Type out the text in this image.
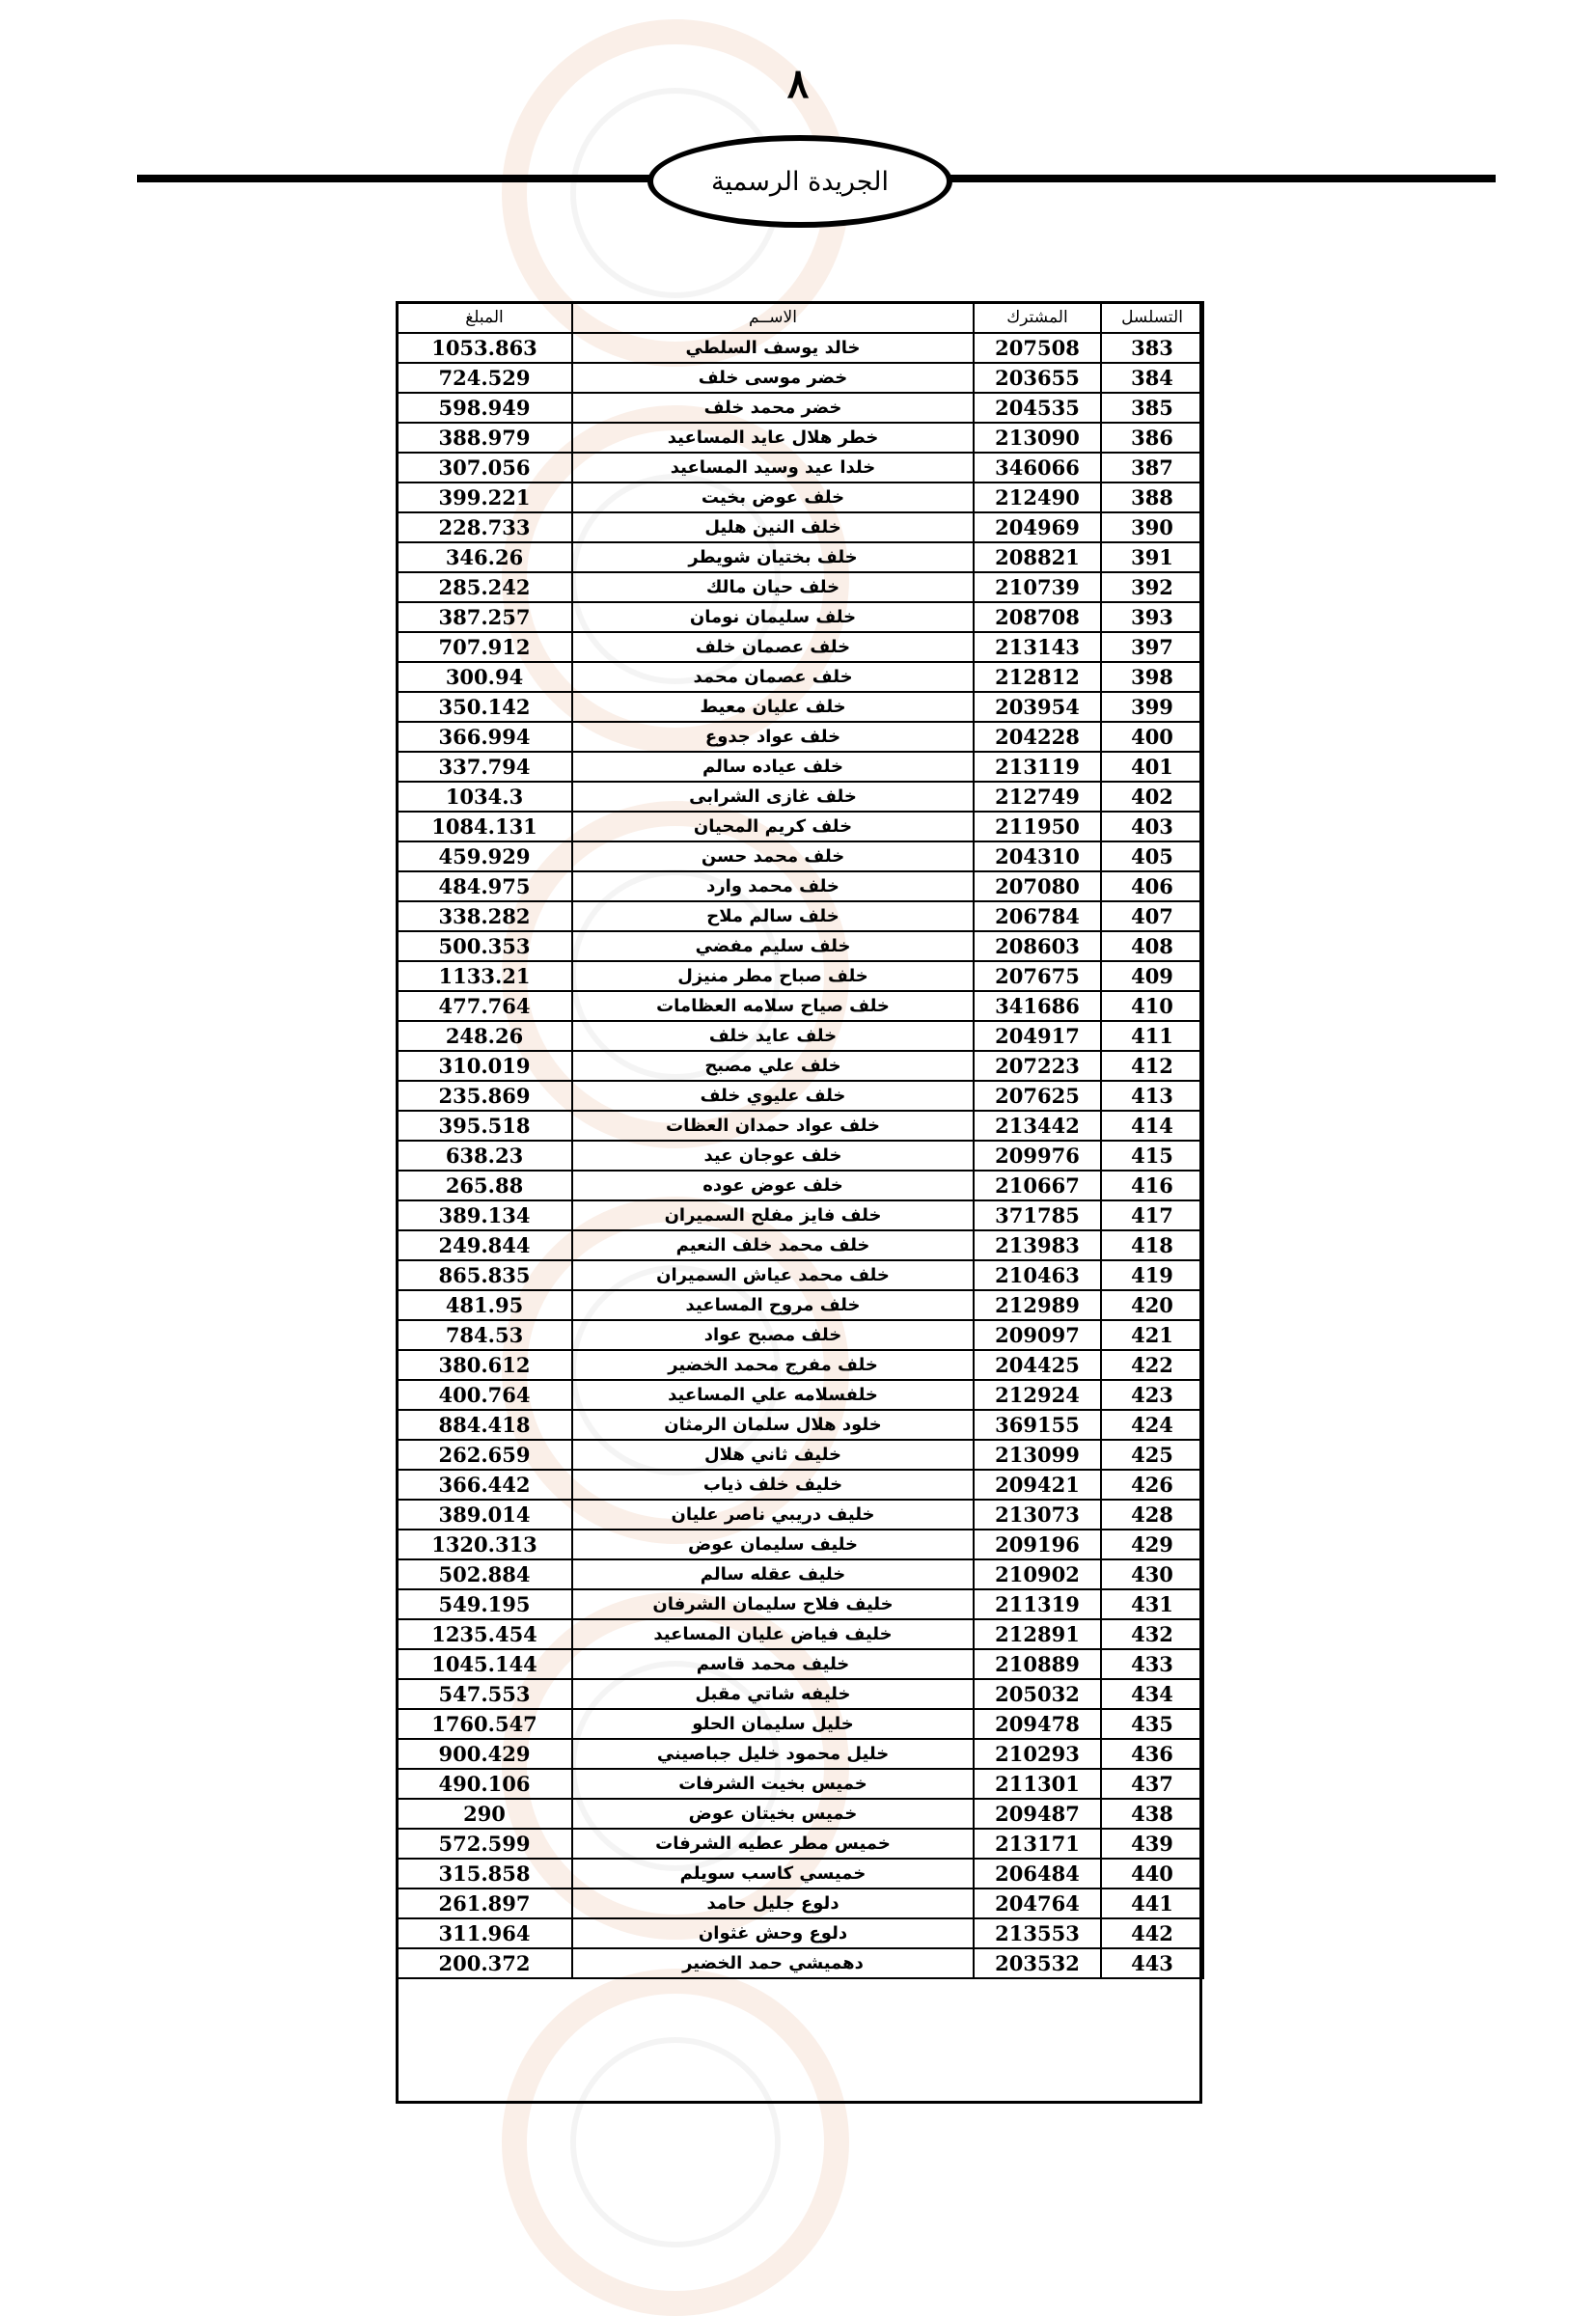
٨
الجريدة الرسمية
التسلسل	المشترك	الاســم	المبلغ
383	207508	خالد يوسف السلطي	1053.863
384	203655	خضر موسى خلف	724.529
385	204535	خضر محمد خلف	598.949
386	213090	خطر هلال عايد المساعيد	388.979
387	346066	خلدا عيد وسيد المساعيد	307.056
388	212490	خلف عوض بخيت	399.221
390	204969	خلف النين هليل	228.733
391	208821	خلف بختيان شويطر	346.26
392	210739	خلف حيان مالك	285.242
393	208708	خلف سليمان نومان	387.257
397	213143	خلف عصمان خلف	707.912
398	212812	خلف عصمان محمد	300.94
399	203954	خلف عليان معيط	350.142
400	204228	خلف عواد جدوع	366.994
401	213119	خلف عياده سالم	337.794
402	212749	خلف غازى الشرابى	1034.3
403	211950	خلف كريم المحيان	1084.131
405	204310	خلف محمد حسن	459.929
406	207080	خلف محمد وارد	484.975
407	206784	خلف سالم ملاح	338.282
408	208603	خلف سليم مفضي	500.353
409	207675	خلف صباح مطر منيزل	1133.21
410	341686	خلف صياح سلامه العظامات	477.764
411	204917	خلف عايد خلف	248.26
412	207223	خلف علي مصبح	310.019
413	207625	خلف عليوي خلف	235.869
414	213442	خلف عواد حمدان العظات	395.518
415	209976	خلف عوجان عيد	638.23
416	210667	خلف عوض عوده	265.88
417	371785	خلف فايز مفلح السميران	389.134
418	213983	خلف محمد خلف النعيم	249.844
419	210463	خلف محمد عياش السميران	865.835
420	212989	خلف مروح المساعيد	481.95
421	209097	خلف مصبح عواد	784.53
422	204425	خلف مفرج محمد الخضير	380.612
423	212924	خلفسلامه علي المساعيد	400.764
424	369155	خلود هلال سلمان الرمثان	884.418
425	213099	خليف ثاني هلال	262.659
426	209421	خليف خلف ذياب	366.442
428	213073	خليف دريبي ناصر عليان	389.014
429	209196	خليف سليمان عوض	1320.313
430	210902	خليف عقله سالم	502.884
431	211319	خليف فلاح سليمان الشرفان	549.195
432	212891	خليف فياض عليان المساعيد	1235.454
433	210889	خليف محمد قاسم	1045.144
434	205032	خليفه شاتي مقبل	547.553
435	209478	خليل سليمان الحلو	1760.547
436	210293	خليل محمود خليل جباصيني	900.429
437	211301	خميس بخيت الشرفات	490.106
438	209487	خميس بخيتان عوض	290
439	213171	خميس مطر عطيه الشرفات	572.599
440	206484	خميسي كاسب سويلم	315.858
441	204764	دلوع جليل حامد	261.897
442	213553	دلوع وحش غثوان	311.964
443	203532	دهميشي حمد الخضير	200.372
